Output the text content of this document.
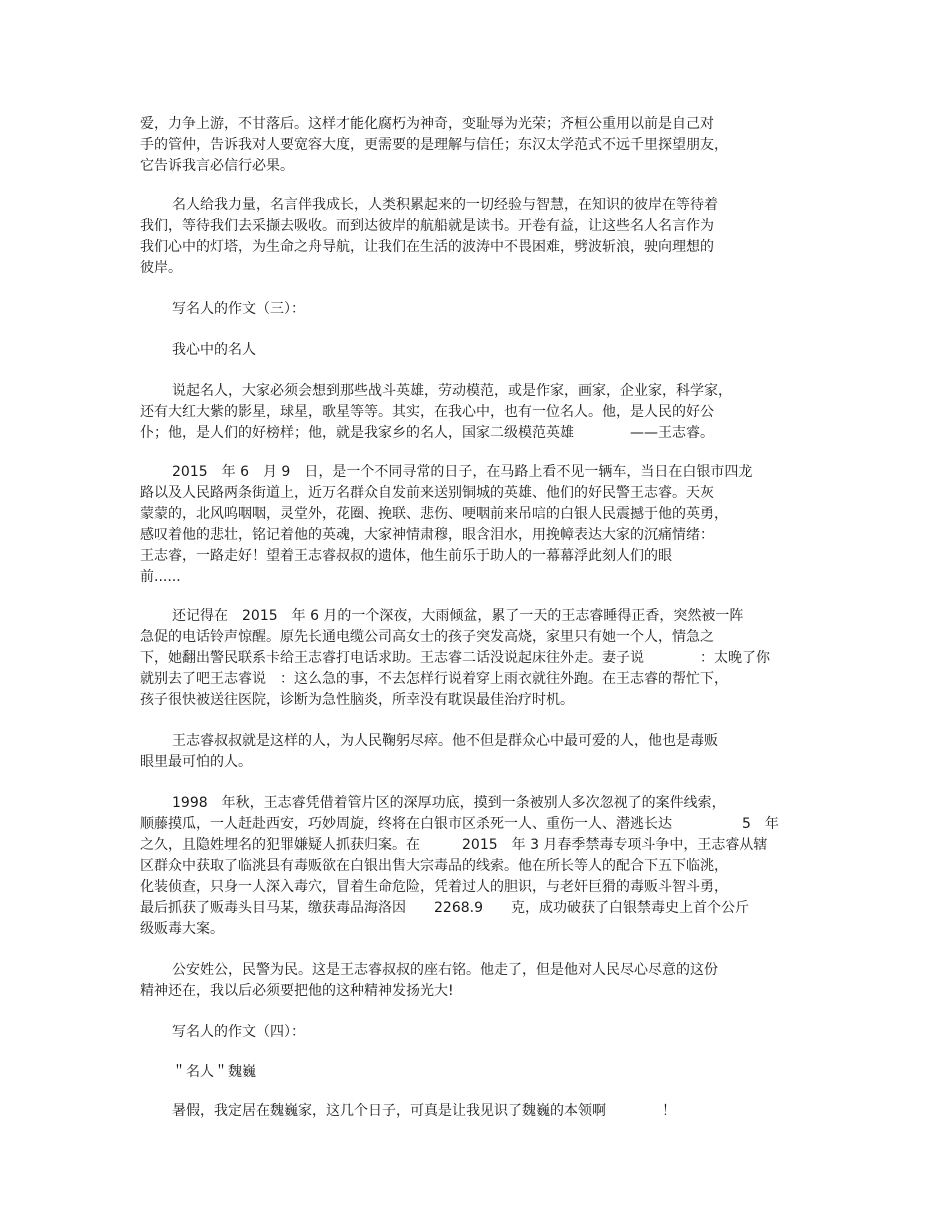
爱，力争上游，不甘落后。这样才能化腐朽为神奇，变耻辱为光荣；齐桓公重用以前是自己对
手的管仲，告诉我对人要宽容大度，更需要的是理解与信任；东汉太学范式不远千里探望朋友，
它告诉我言必信行必果。
名人给我力量，名言伴我成长，人类积累起来的一切经验与智慧，在知识的彼岸在等待着
我们，等待我们去采撷去吸收。而到达彼岸的航船就是读书。开卷有益，让这些名人名言作为
我们心中的灯塔，为生命之舟导航，让我们在生活的波涛中不畏困难，劈波斩浪，驶向理想的
彼岸。
写名人的作文（三）：
我心中的名人
说起名人，大家必须会想到那些战斗英雄，劳动模范，或是作家，画家，企业家，科学家，
还有大红大紫的影星，球星，歌星等等。其实，在我心中，也有一位名人。他，是人民的好公
仆；他，是人们的好榜样；他，就是我家乡的名人，国家二级模范英雄　　　　——王志睿。
2015　年 6　月 9　日，是一个不同寻常的日子，在马路上看不见一辆车，当日在白银市四龙
路以及人民路两条街道上，近万名群众自发前来送别铜城的英雄、他们的好民警王志睿。天灰
蒙蒙的，北风呜咽咽，灵堂外，花圈、挽联、悲伤、哽咽前来吊唁的白银人民震撼于他的英勇，
感叹着他的悲壮，铭记着他的英魂，大家神情肃穆，眼含泪水，用挽幛表达大家的沉痛情绪：
王志睿，一路走好！望着王志睿叔叔的遗体，他生前乐于助人的一幕幕浮此刻人们的眼
前......
还记得在　2015　年 6 月的一个深夜，大雨倾盆，累了一天的王志睿睡得正香，突然被一阵
急促的电话铃声惊醒。原先长通电缆公司高女士的孩子突发高烧，家里只有她一个人，情急之
下，她翻出警民联系卡给王志睿打电话求助。王志睿二话没说起床往外走。妻子说　　　　：太晚了你
就别去了吧王志睿说　：这么急的事，不去怎样行说着穿上雨衣就往外跑。在王志睿的帮忙下，
孩子很快被送往医院，诊断为急性脑炎，所幸没有耽误最佳治疗时机。
王志睿叔叔就是这样的人，为人民鞠躬尽瘁。他不但是群众心中最可爱的人，他也是毒贩
眼里最可怕的人。
1998　年秋，王志睿凭借着管片区的深厚功底，摸到一条被别人多次忽视了的案件线索，
顺藤摸瓜，一人赶赴西安，巧妙周旋，终将在白银市区杀死一人、重伤一人、潜逃长达　　　　　5　年
之久，且隐姓埋名的犯罪嫌疑人抓获归案。在　　　2015　年 3 月春季禁毒专项斗争中，王志睿从辖
区群众中获取了临洮县有毒贩欲在白银出售大宗毒品的线索。他在所长等人的配合下五下临洮，
化装侦查，只身一人深入毒穴，冒着生命危险，凭着过人的胆识，与老奸巨猾的毒贩斗智斗勇，
最后抓获了贩毒头目马某，缴获毒品海洛因　　2268.9　　克，成功破获了白银禁毒史上首个公斤
级贩毒大案。
公安姓公，民警为民。这是王志睿叔叔的座右铭。他走了，但是他对人民尽心尽意的这份
精神还在，我以后必须要把他的这种精神发扬光大!
写名人的作文（四）：
＂名人＂魏巍
暑假，我定居在魏巍家，这几个日子，可真是让我见识了魏巍的本领啊　　　　！
